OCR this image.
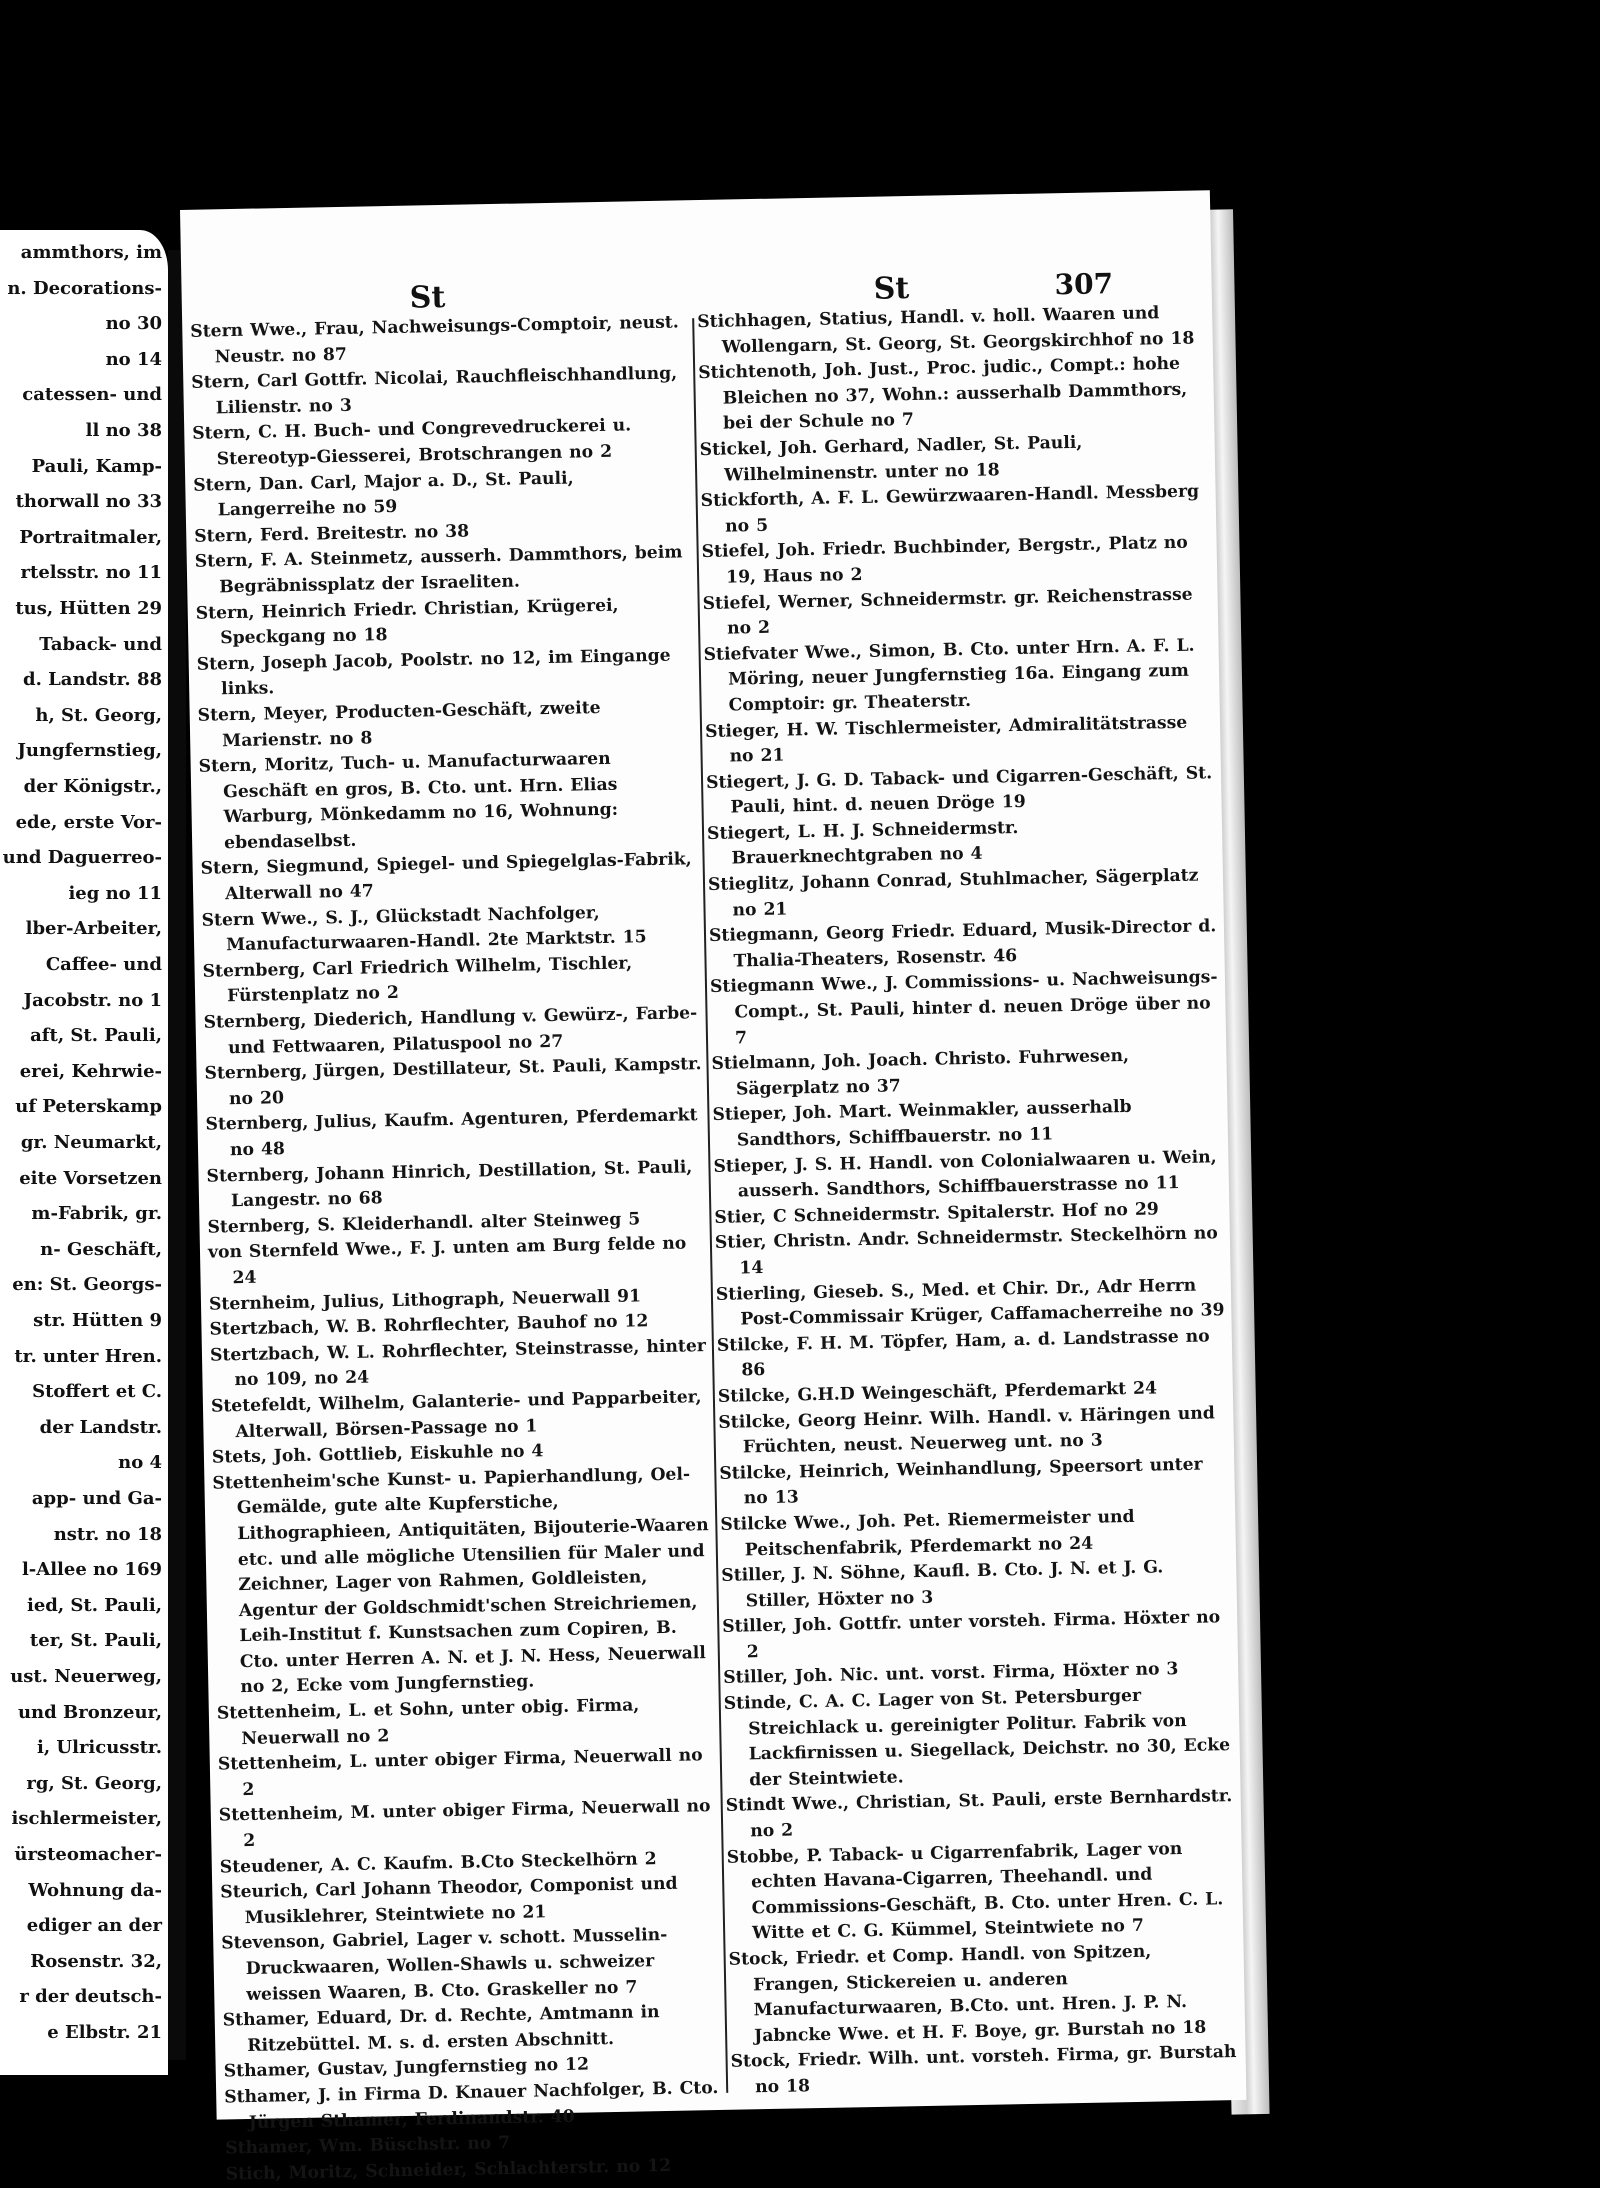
ammthors, im
n. Decorations-
no 30
no 14
catessen- und
ll no 38
Pauli, Kamp-
thorwall no 33
Portraitmaler,
rtelsstr. no 11
tus, Hütten 29
Taback- und
d. Landstr. 88
h, St. Georg,
Jungfernstieg,
der Königstr.,
ede, erste Vor-
und Daguerreo-
ieg no 11
lber-Arbeiter,
Caffee- und
Jacobstr. no 1
aft, St. Pauli,
erei, Kehrwie-
uf Peterskamp
gr. Neumarkt,
eite Vorsetzen
m-Fabrik, gr.
n- Geschäft,
en: St. Georgs-
str. Hütten 9
tr. unter Hren.
Stoffert et C.
der Landstr.
no 4
app- und Ga-
nstr. no 18
l-Allee no 169
ied, St. Pauli,
ter, St. Pauli,
ust. Neuerweg,
und Bronzeur,
i, Ulricusstr.
rg, St. Georg,
ischlermeister,
ürsteomacher-
Wohnung da-
ediger an der
Rosenstr. 32,
r der deutsch-
e Elbstr. 21
St	St	307
Stern Wwe., Frau, Nachweisungs-Comptoir, neust. Neustr. no 87
Stern, Carl Gottfr. Nicolai, Rauchfleischhandlung, Lilienstr. no 3
Stern, C. H. Buch- und Congrevedruckerei u. Stereotyp-Giesserei, Brotschrangen no 2
Stern, Dan. Carl, Major a. D., St. Pauli, Langerreihe no 59
Stern, Ferd. Breitestr. no 38
Stern, F. A. Steinmetz, ausserh. Dammthors, beim Begräbnissplatz der Israeliten.
Stern, Heinrich Friedr. Christian, Krügerei, Speckgang no 18
Stern, Joseph Jacob, Poolstr. no 12, im Eingange links.
Stern, Meyer, Producten-Geschäft, zweite Marienstr. no 8
Stern, Moritz, Tuch- u. Manufacturwaaren Geschäft en gros, B. Cto. unt. Hrn. Elias Warburg, Mönkedamm no 16, Wohnung: ebendaselbst.
Stern, Siegmund, Spiegel- und Spiegelglas-Fabrik, Alterwall no 47
Stern Wwe., S. J., Glückstadt Nachfolger, Manufacturwaaren-Handl. 2te Marktstr. 15
Sternberg, Carl Friedrich Wilhelm, Tischler, Fürstenplatz no 2
Sternberg, Diederich, Handlung v. Gewürz-, Farbe- und Fettwaaren, Pilatuspool no 27
Sternberg, Jürgen, Destillateur, St. Pauli, Kampstr. no 20
Sternberg, Julius, Kaufm. Agenturen, Pferdemarkt no 48
Sternberg, Johann Hinrich, Destillation, St. Pauli, Langestr. no 68
Sternberg, S. Kleiderhandl. alter Steinweg 5
von Sternfeld Wwe., F. J. unten am Burg felde no 24
Sternheim, Julius, Lithograph, Neuerwall 91
Stertzbach, W. B. Rohrflechter, Bauhof no 12
Stertzbach, W. L. Rohrflechter, Steinstrasse, hinter no 109, no 24
Stetefeldt, Wilhelm, Galanterie- und Papparbeiter, Alterwall, Börsen-Passage no 1
Stets, Joh. Gottlieb, Eiskuhle no 4
Stettenheim'sche Kunst- u. Papierhandlung, Oel-Gemälde, gute alte Kupferstiche, Lithographieen, Antiquitäten, Bijouterie-Waaren etc. und alle mögliche Utensilien für Maler und Zeichner, Lager von Rahmen, Goldleisten, Agentur der Goldschmidt'schen Streichriemen, Leih-Institut f. Kunstsachen zum Copiren, B. Cto. unter Herren A. N. et J. N. Hess, Neuerwall no 2, Ecke vom Jungfernstieg.
Stettenheim, L. et Sohn, unter obig. Firma, Neuerwall no 2
Stettenheim, L. unter obiger Firma, Neuerwall no 2
Stettenheim, M. unter obiger Firma, Neuerwall no 2
Steudener, A. C. Kaufm. B.Cto Steckelhörn 2
Steurich, Carl Johann Theodor, Componist und Musiklehrer, Steintwiete no 21
Stevenson, Gabriel, Lager v. schott. Musselin-Druckwaaren, Wollen-Shawls u. schweizer weissen Waaren, B. Cto. Graskeller no 7
Sthamer, Eduard, Dr. d. Rechte, Amtmann in Ritzebüttel. M. s. d. ersten Abschnitt.
Sthamer, Gustav, Jungfernstieg no 12
Sthamer, J. in Firma D. Knauer Nachfolger, B. Cto. Jürgen Sthamer, Ferdinandstr. 40
Sthamer, Wm. Büschstr. no 7
Stich, Moritz, Schneider, Schlachterstr. no 12
Stichhagen, Statius, Handl. v. holl. Waaren und Wollengarn, St. Georg, St. Georgskirchhof no 18
Stichtenoth, Joh. Just., Proc. judic., Compt.: hohe Bleichen no 37, Wohn.: ausserhalb Dammthors, bei der Schule no 7
Stickel, Joh. Gerhard, Nadler, St. Pauli, Wilhelminenstr. unter no 18
Stickforth, A. F. L. Gewürzwaaren-Handl. Messberg no 5
Stiefel, Joh. Friedr. Buchbinder, Bergstr., Platz no 19, Haus no 2
Stiefel, Werner, Schneidermstr. gr. Reichenstrasse no 2
Stiefvater Wwe., Simon, B. Cto. unter Hrn. A. F. L. Möring, neuer Jungfernstieg 16a. Eingang zum Comptoir: gr. Theaterstr.
Stieger, H. W. Tischlermeister, Admiralitätstrasse no 21
Stiegert, J. G. D. Taback- und Cigarren-Geschäft, St. Pauli, hint. d. neuen Dröge 19
Stiegert, L. H. J. Schneidermstr. Brauerknechtgraben no 4
Stieglitz, Johann Conrad, Stuhlmacher, Sägerplatz no 21
Stiegmann, Georg Friedr. Eduard, Musik-Director d. Thalia-Theaters, Rosenstr. 46
Stiegmann Wwe., J. Commissions- u. Nachweisungs-Compt., St. Pauli, hinter d. neuen Dröge über no 7
Stielmann, Joh. Joach. Christo. Fuhrwesen, Sägerplatz no 37
Stieper, Joh. Mart. Weinmakler, ausserhalb Sandthors, Schiffbauerstr. no 11
Stieper, J. S. H. Handl. von Colonialwaaren u. Wein, ausserh. Sandthors, Schiffbauerstrasse no 11
Stier, C Schneidermstr. Spitalerstr. Hof no 29
Stier, Christn. Andr. Schneidermstr. Steckelhörn no 14
Stierling, Gieseb. S., Med. et Chir. Dr., Adr Herrn Post-Commissair Krüger, Caffamacherreihe no 39
Stilcke, F. H. M. Töpfer, Ham, a. d. Landstrasse no 86
Stilcke, G.H.D Weingeschäft, Pferdemarkt 24
Stilcke, Georg Heinr. Wilh. Handl. v. Häringen und Früchten, neust. Neuerweg unt. no 3
Stilcke, Heinrich, Weinhandlung, Speersort unter no 13
Stilcke Wwe., Joh. Pet. Riemermeister und Peitschenfabrik, Pferdemarkt no 24
Stiller, J. N. Söhne, Kaufl. B. Cto. J. N. et J. G. Stiller, Höxter no 3
Stiller, Joh. Gottfr. unter vorsteh. Firma. Höxter no 2
Stiller, Joh. Nic. unt. vorst. Firma, Höxter no 3
Stinde, C. A. C. Lager von St. Petersburger Streichlack u. gereinigter Politur. Fabrik von Lackfirnissen u. Siegellack, Deichstr. no 30, Ecke der Steintwiete.
Stindt Wwe., Christian, St. Pauli, erste Bernhardstr. no 2
Stobbe, P. Taback- u Cigarrenfabrik, Lager von echten Havana-Cigarren, Theehandl. und Commissions-Geschäft, B. Cto. unter Hren. C. L. Witte et C. G. Kümmel, Steintwiete no 7
Stock, Friedr. et Comp. Handl. von Spitzen, Frangen, Stickereien u. anderen Manufacturwaaren, B.Cto. unt. Hren. J. P. N. Jabncke Wwe. et H. F. Boye, gr. Burstah no 18
Stock, Friedr. Wilh. unt. vorsteh. Firma, gr. Burstah no 18
